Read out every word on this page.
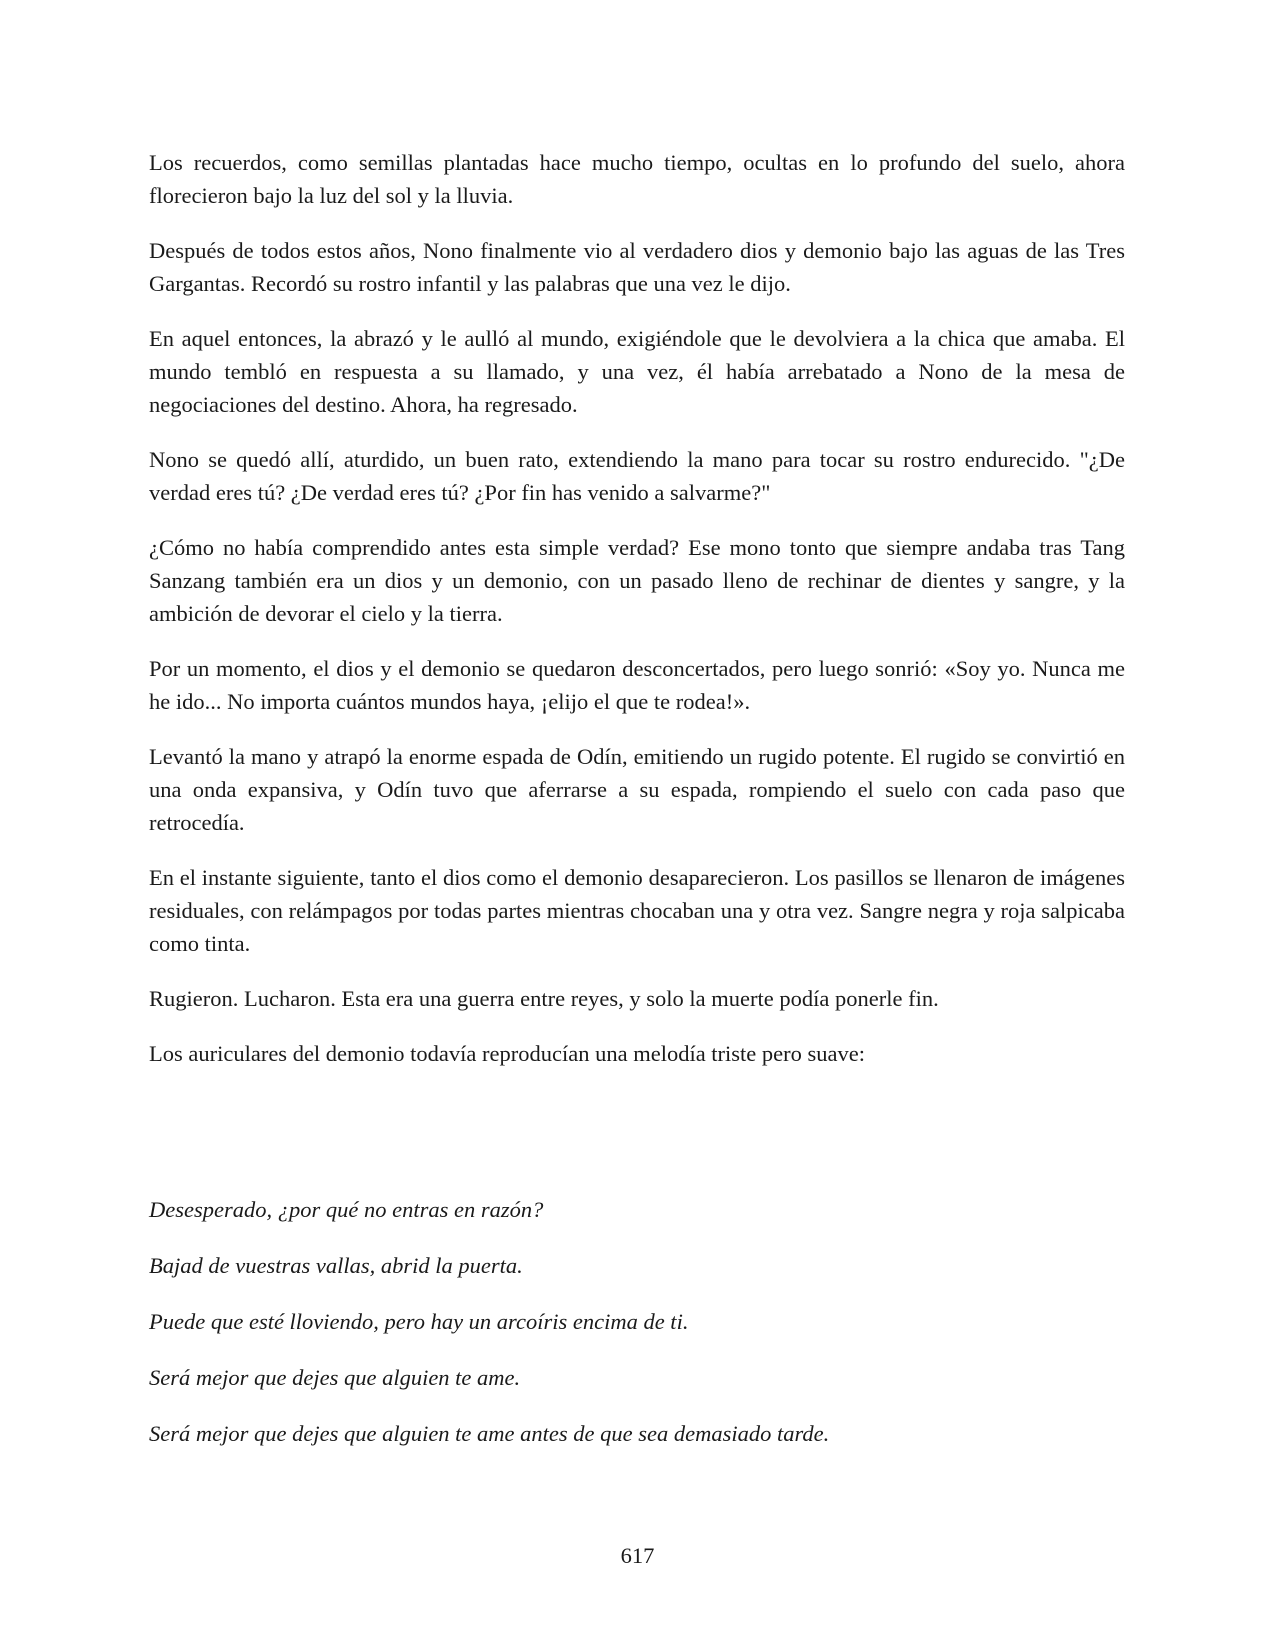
Los recuerdos, como semillas plantadas hace mucho tiempo, ocultas en lo profundo del suelo, ahora florecieron bajo la luz del sol y la lluvia.

Después de todos estos años, Nono finalmente vio al verdadero dios y demonio bajo las aguas de las Tres Gargantas. Recordó su rostro infantil y las palabras que una vez le dijo.

En aquel entonces, la abrazó y le aulló al mundo, exigiéndole que le devolviera a la chica que amaba. El mundo tembló en respuesta a su llamado, y una vez, él había arrebatado a Nono de la mesa de negociaciones del destino. Ahora, ha regresado.

Nono se quedó allí, aturdido, un buen rato, extendiendo la mano para tocar su rostro endurecido. "¿De verdad eres tú? ¿De verdad eres tú? ¿Por fin has venido a salvarme?"

¿Cómo no había comprendido antes esta simple verdad? Ese mono tonto que siempre andaba tras Tang Sanzang también era un dios y un demonio, con un pasado lleno de rechinar de dientes y sangre, y la ambición de devorar el cielo y la tierra.

Por un momento, el dios y el demonio se quedaron desconcertados, pero luego sonrió: «Soy yo. Nunca me he ido... No importa cuántos mundos haya, ¡elijo el que te rodea!».

Levantó la mano y atrapó la enorme espada de Odín, emitiendo un rugido potente. El rugido se convirtió en una onda expansiva, y Odín tuvo que aferrarse a su espada, rompiendo el suelo con cada paso que retrocedía.

En el instante siguiente, tanto el dios como el demonio desaparecieron. Los pasillos se llenaron de imágenes residuales, con relámpagos por todas partes mientras chocaban una y otra vez. Sangre negra y roja salpicaba como tinta.

Rugieron. Lucharon. Esta era una guerra entre reyes, y solo la muerte podía ponerle fin.

Los auriculares del demonio todavía reproducían una melodía triste pero suave:

Desesperado, ¿por qué no entras en razón?

Bajad de vuestras vallas, abrid la puerta.

Puede que esté lloviendo, pero hay un arcoíris encima de ti.

Será mejor que dejes que alguien te ame.

Será mejor que dejes que alguien te ame antes de que sea demasiado tarde.

617
